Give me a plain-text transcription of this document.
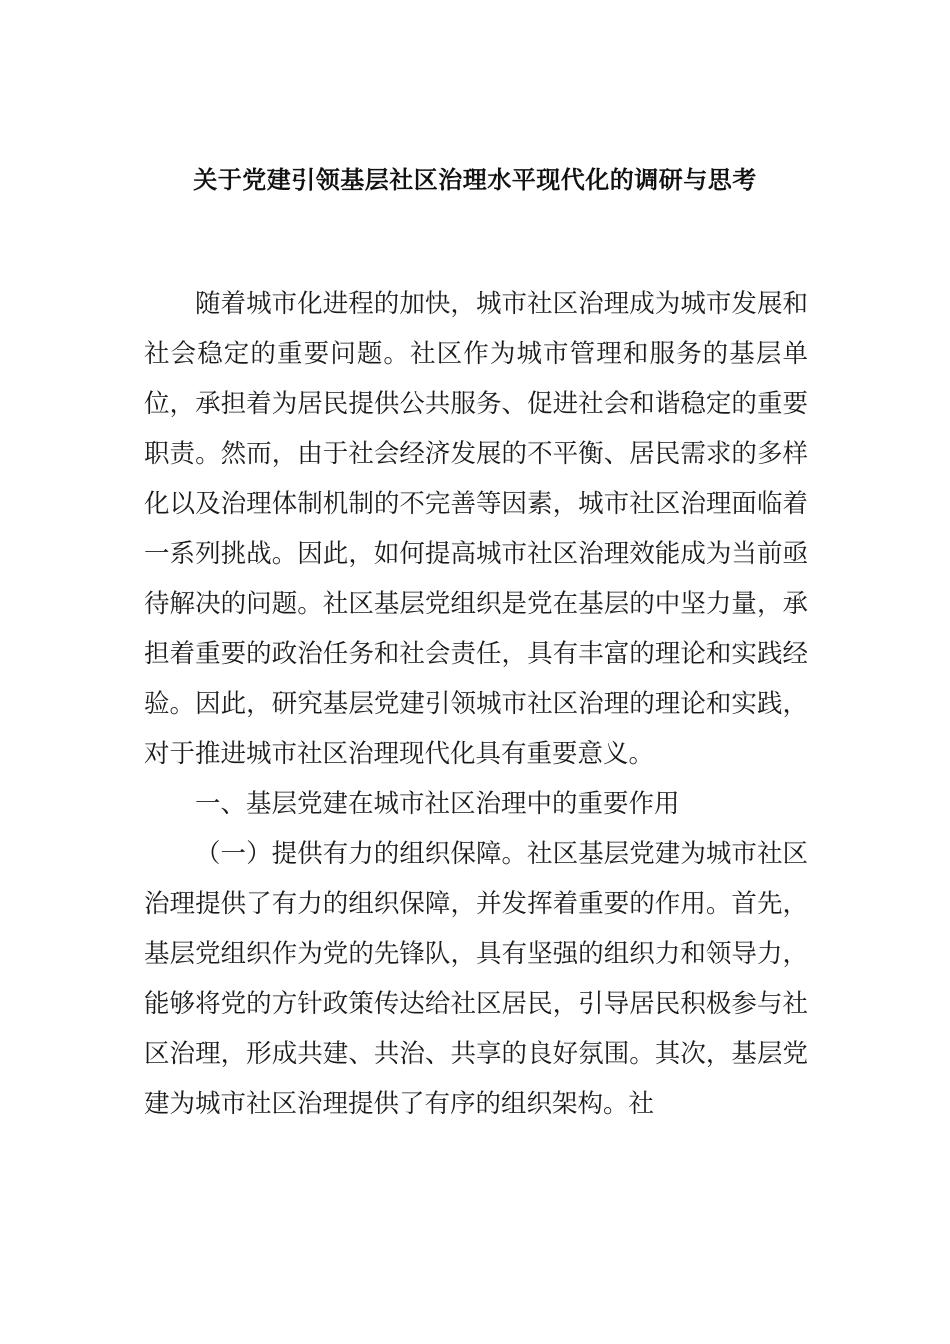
关于党建引领基层社区治理水平现代化的调研与思考

随着城市化进程的加快，城市社区治理成为城市发展和社会稳定的重要问题。社区作为城市管理和服务的基层单位，承担着为居民提供公共服务、促进社会和谐稳定的重要职责。然而，由于社会经济发展的不平衡、居民需求的多样化以及治理体制机制的不完善等因素，城市社区治理面临着一系列挑战。因此，如何提高城市社区治理效能成为当前亟待解决的问题。社区基层党组织是党在基层的中坚力量，承担着重要的政治任务和社会责任，具有丰富的理论和实践经验。因此，研究基层党建引领城市社区治理的理论和实践，对于推进城市社区治理现代化具有重要意义。

一、基层党建在城市社区治理中的重要作用

（一）提供有力的组织保障。社区基层党建为城市社区治理提供了有力的组织保障，并发挥着重要的作用。首先，基层党组织作为党的先锋队，具有坚强的组织力和领导力，能够将党的方针政策传达给社区居民，引导居民积极参与社区治理，形成共建、共治、共享的良好氛围。其次，基层党建为城市社区治理提供了有序的组织架构。社
